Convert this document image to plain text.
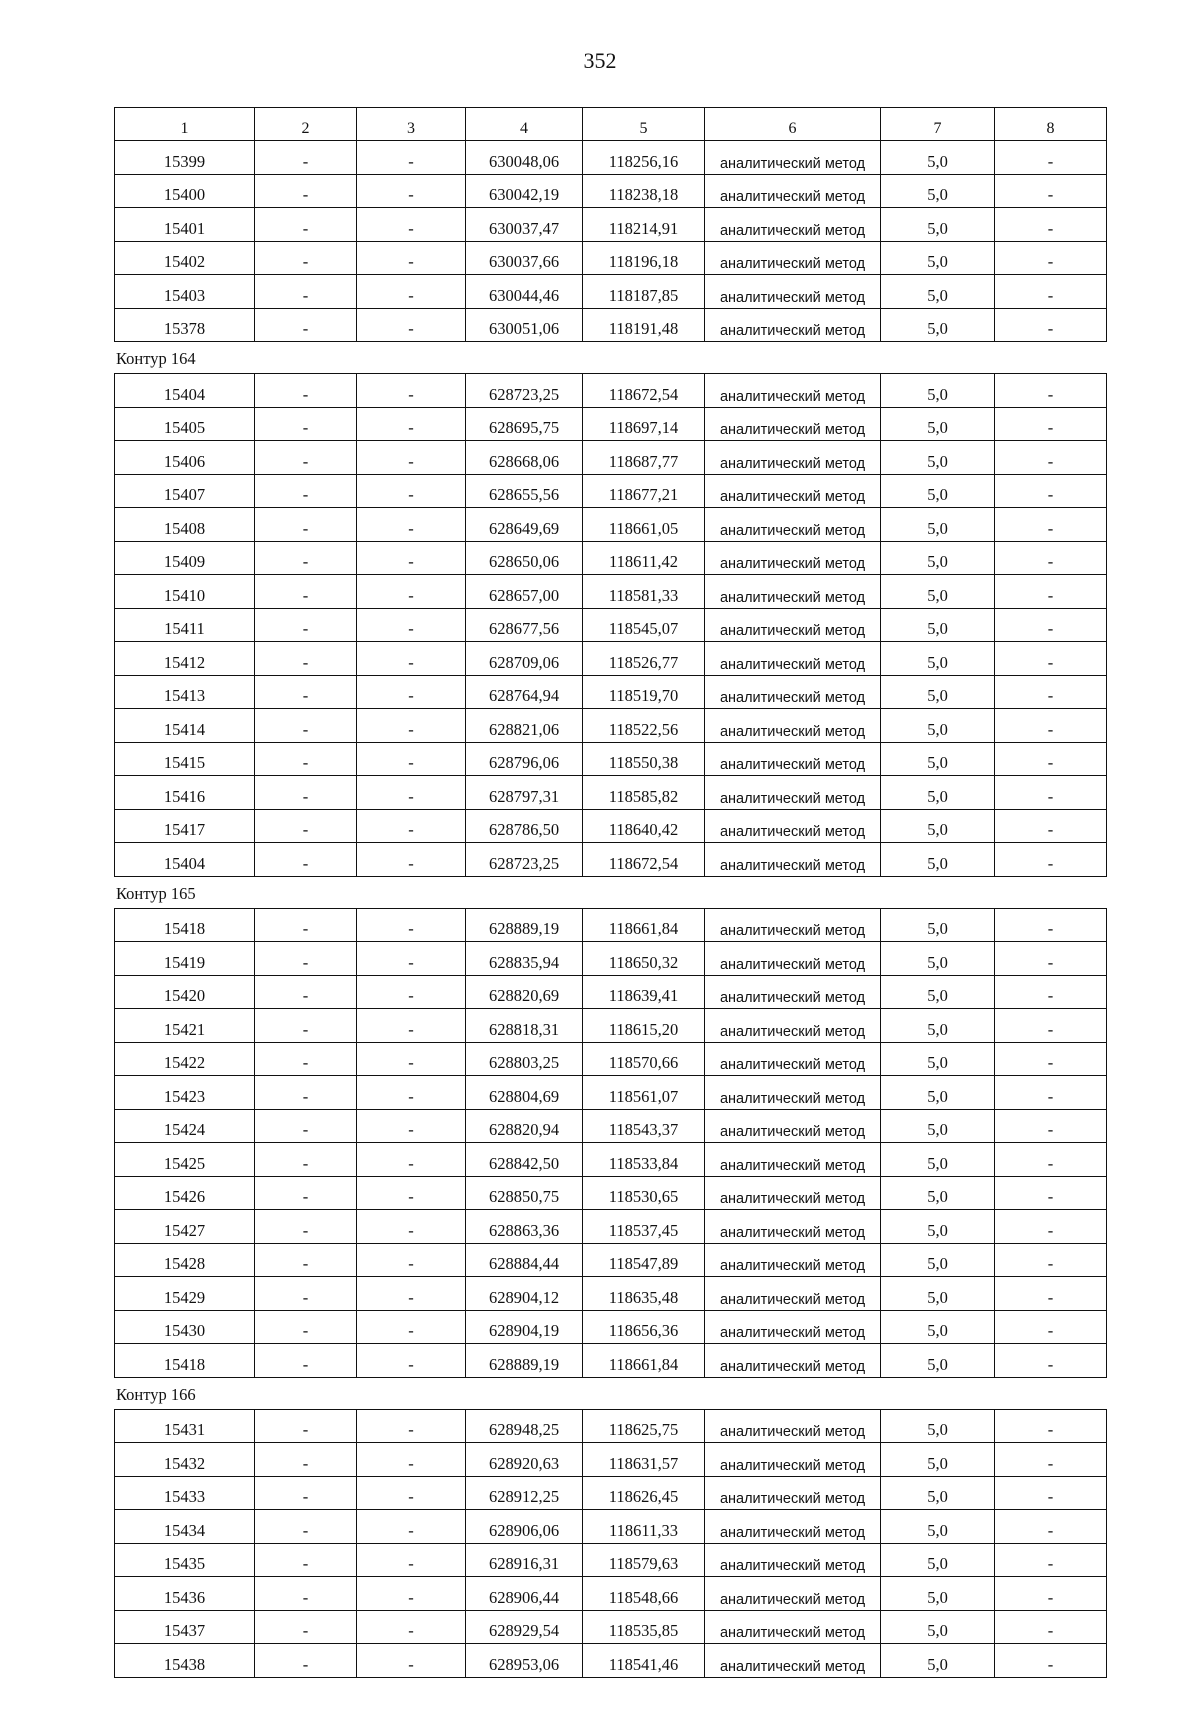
352
1	2	3	4	5	6	7	8
15399	-	-	630048,06	118256,16	аналитический метод	5,0	-
15400	-	-	630042,19	118238,18	аналитический метод	5,0	-
15401	-	-	630037,47	118214,91	аналитический метод	5,0	-
15402	-	-	630037,66	118196,18	аналитический метод	5,0	-
15403	-	-	630044,46	118187,85	аналитический метод	5,0	-
15378	-	-	630051,06	118191,48	аналитический метод	5,0	-
Контур 164
15404	-	-	628723,25	118672,54	аналитический метод	5,0	-
15405	-	-	628695,75	118697,14	аналитический метод	5,0	-
15406	-	-	628668,06	118687,77	аналитический метод	5,0	-
15407	-	-	628655,56	118677,21	аналитический метод	5,0	-
15408	-	-	628649,69	118661,05	аналитический метод	5,0	-
15409	-	-	628650,06	118611,42	аналитический метод	5,0	-
15410	-	-	628657,00	118581,33	аналитический метод	5,0	-
15411	-	-	628677,56	118545,07	аналитический метод	5,0	-
15412	-	-	628709,06	118526,77	аналитический метод	5,0	-
15413	-	-	628764,94	118519,70	аналитический метод	5,0	-
15414	-	-	628821,06	118522,56	аналитический метод	5,0	-
15415	-	-	628796,06	118550,38	аналитический метод	5,0	-
15416	-	-	628797,31	118585,82	аналитический метод	5,0	-
15417	-	-	628786,50	118640,42	аналитический метод	5,0	-
15404	-	-	628723,25	118672,54	аналитический метод	5,0	-
Контур 165
15418	-	-	628889,19	118661,84	аналитический метод	5,0	-
15419	-	-	628835,94	118650,32	аналитический метод	5,0	-
15420	-	-	628820,69	118639,41	аналитический метод	5,0	-
15421	-	-	628818,31	118615,20	аналитический метод	5,0	-
15422	-	-	628803,25	118570,66	аналитический метод	5,0	-
15423	-	-	628804,69	118561,07	аналитический метод	5,0	-
15424	-	-	628820,94	118543,37	аналитический метод	5,0	-
15425	-	-	628842,50	118533,84	аналитический метод	5,0	-
15426	-	-	628850,75	118530,65	аналитический метод	5,0	-
15427	-	-	628863,36	118537,45	аналитический метод	5,0	-
15428	-	-	628884,44	118547,89	аналитический метод	5,0	-
15429	-	-	628904,12	118635,48	аналитический метод	5,0	-
15430	-	-	628904,19	118656,36	аналитический метод	5,0	-
15418	-	-	628889,19	118661,84	аналитический метод	5,0	-
Контур 166
15431	-	-	628948,25	118625,75	аналитический метод	5,0	-
15432	-	-	628920,63	118631,57	аналитический метод	5,0	-
15433	-	-	628912,25	118626,45	аналитический метод	5,0	-
15434	-	-	628906,06	118611,33	аналитический метод	5,0	-
15435	-	-	628916,31	118579,63	аналитический метод	5,0	-
15436	-	-	628906,44	118548,66	аналитический метод	5,0	-
15437	-	-	628929,54	118535,85	аналитический метод	5,0	-
15438	-	-	628953,06	118541,46	аналитический метод	5,0	-
